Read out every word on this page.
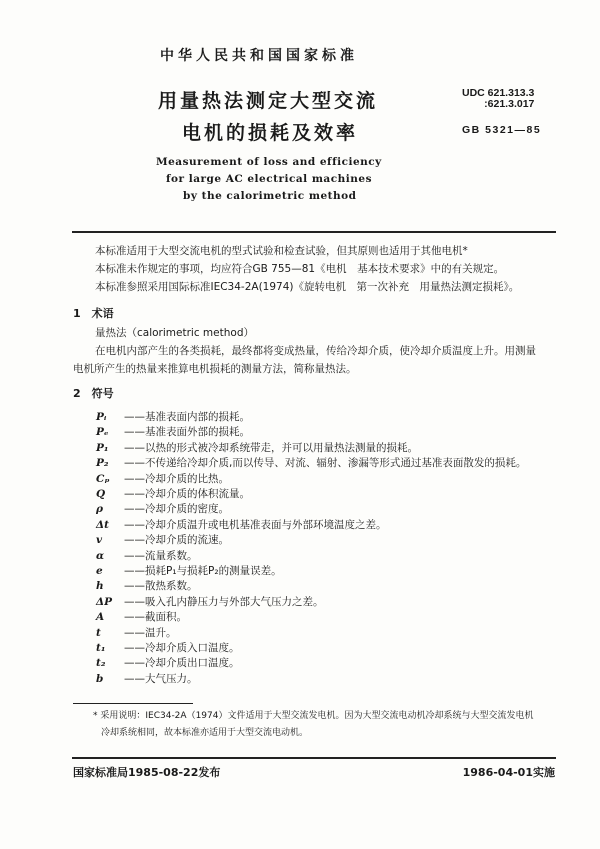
中华人民共和国国家标准
用量热法测定大型交流
电机的损耗及效率
Measurement of loss and efficiency
for large AC electrical machines
by the calorimetric method
UDC 621.313.3
:621.3.017
GB 5321—85
本标准适用于大型交流电机的型式试验和检查试验，但其原则也适用于其他电机*
本标准未作规定的事项，均应符合GB 755—81《电机　基本技术要求》中的有关规定。
本标准参照采用国际标准IEC34-2A(1974)《旋转电机　第一次补充　用量热法测定损耗》。
1　术语
量热法（calorimetric method）
在电机内部产生的各类损耗，最终都将变成热量，传给冷却介质，使冷却介质温度上升。用测量
电机所产生的热量来推算电机损耗的测量方法，简称量热法。
2　符号
Pᵢ	——基准表面内部的损耗。
Pₑ	——基准表面外部的损耗。
P₁	——以热的形式被冷却系统带走，并可以用量热法测量的损耗。
P₂	——不传递给冷却介质,而以传导、对流、辐射、渗漏等形式通过基准表面散发的损耗。
Cₚ	——冷却介质的比热。
Q	——冷却介质的体积流量。
ρ	——冷却介质的密度。
Δt	——冷却介质温升或电机基准表面与外部环境温度之差。
v	——冷却介质的流速。
α	——流量系数。
e	——损耗P₁与损耗P₂的测量误差。
h	——散热系数。
ΔP	——吸入孔内静压力与外部大气压力之差。
A	——截面积。
t	——温升。
t₁	——冷却介质入口温度。
t₂	——冷却介质出口温度。
b	——大气压力。
* 采用说明：IEC34-2A（1974）文件适用于大型交流发电机。因为大型交流电动机冷却系统与大型交流发电机
冷却系统相同，故本标准亦适用于大型交流电动机。
国家标准局1985-08-22发布	1986-04-01实施
